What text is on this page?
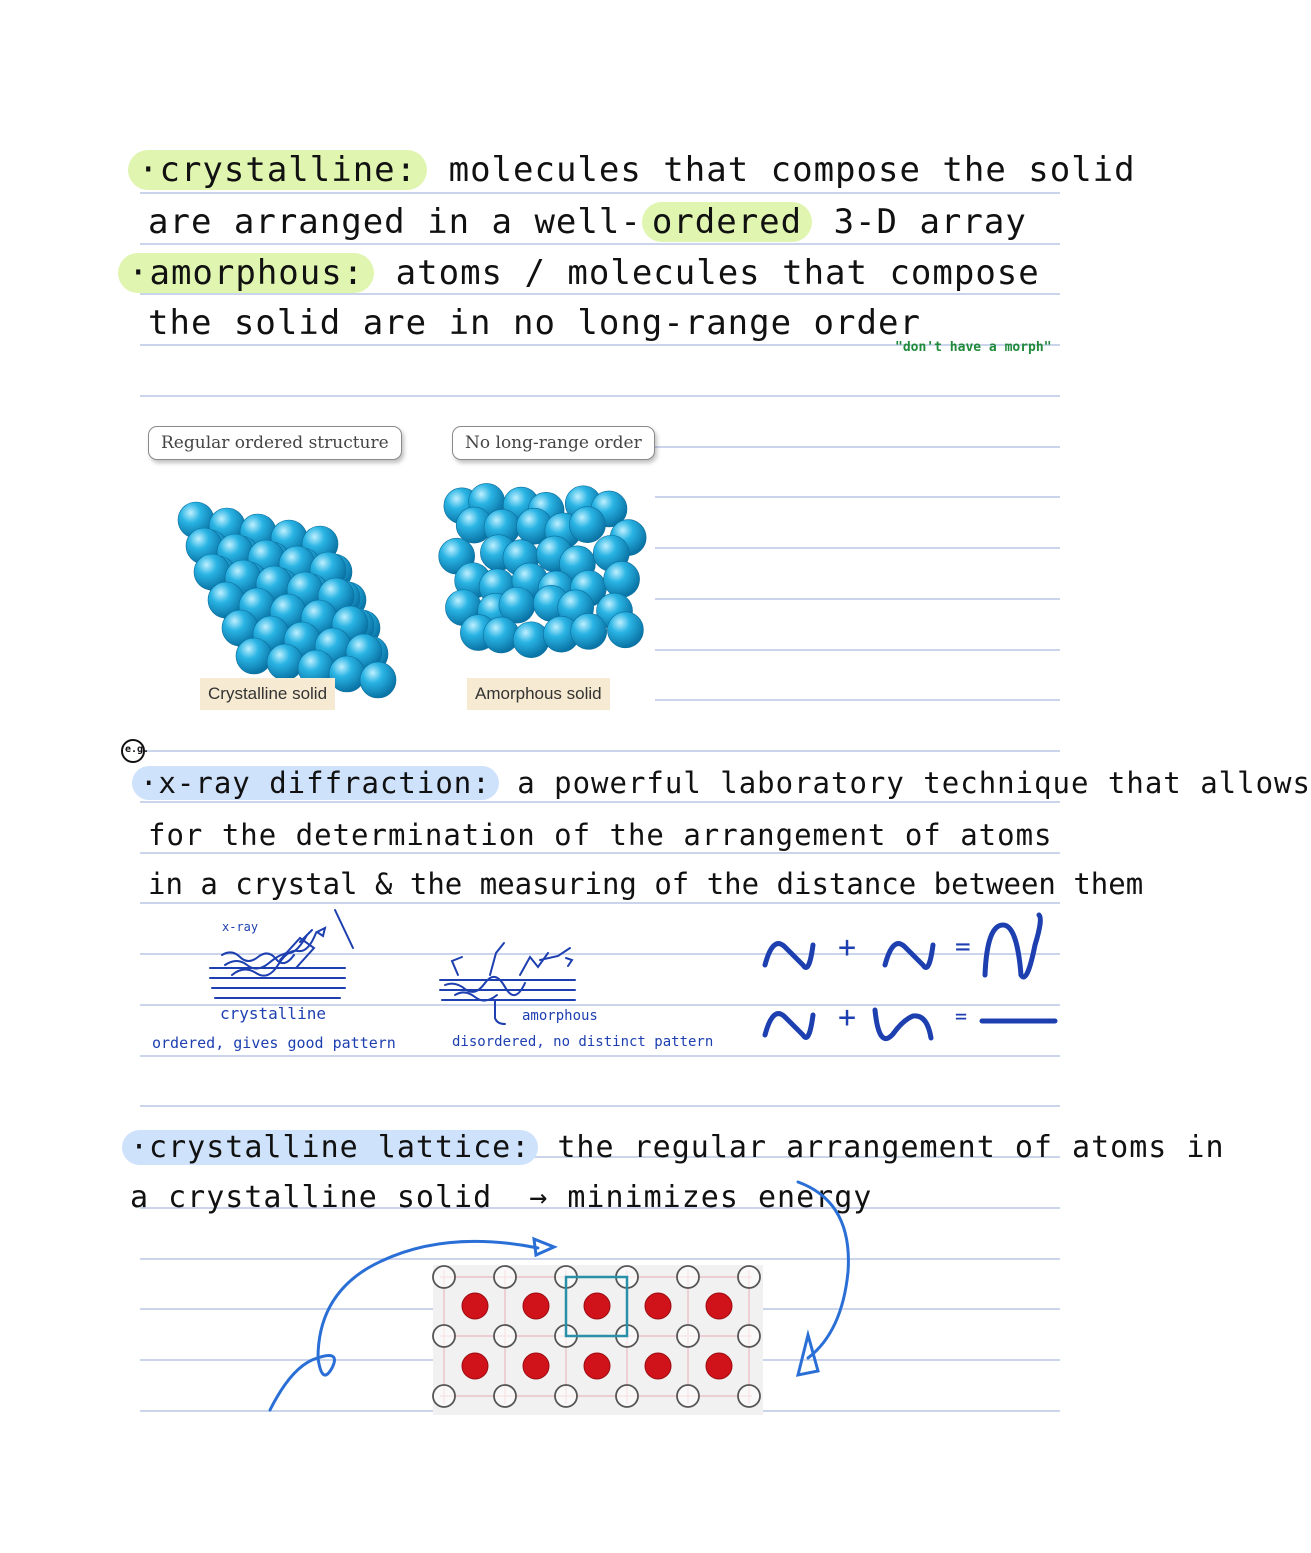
·crystalline: molecules that compose the solid
are arranged in a well- ordered 3-D array
·amorphous: atoms / molecules that compose
the solid are in no long-range order
"don't have a morph"
Regular ordered structure	No long-range order
Crystalline solid	Amorphous solid
e.g.
·x-ray diffraction: a powerful laboratory technique that allows
for the determination of the arrangement of atoms
in a crystal & the measuring of the distance between them
x-ray
crystalline
ordered, gives good pattern
amorphous
disordered, no distinct pattern
+	=
+	=
·crystalline lattice: the regular arrangement of atoms in
a crystalline solid → minimizes energy
